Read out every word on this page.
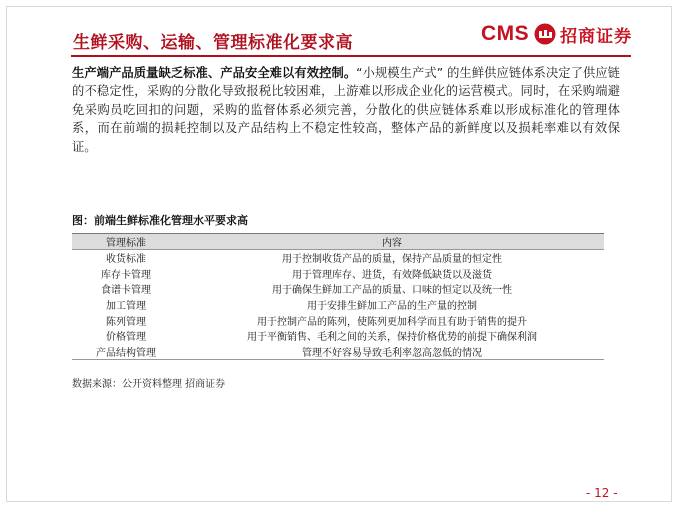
生鲜采购、运输、管理标准化要求高	CMS 招商证券
生产端产品质量缺乏标准、产品安全难以有效控制。“小规模生产式” 的生鲜供应链体系决定了供应链的不稳定性，采购的分散化导致报税比较困难，上游难以形成企业化的运营模式。同时，在采购端避免采购员吃回扣的问题，采购的监督体系必须完善，分散化的供应链体系难以形成标准化的管理体系，而在前端的损耗控制以及产品结构上不稳定性较高，整体产品的新鲜度以及损耗率难以有效保证。
图：前端生鲜标准化管理水平要求高
管理标准	内容
收货标准	用于控制收货产品的质量，保持产品质量的恒定性
库存卡管理	用于管理库存、进货，有效降低缺货以及滋货
食谱卡管理	用于确保生鲜加工产品的质量、口味的恒定以及统一性
加工管理	用于安排生鲜加工产品的生产量的控制
陈列管理	用于控制产品的陈列，使陈列更加科学而且有助于销售的提升
价格管理	用于平衡销售、毛利之间的关系，保持价格优势的前提下确保利润
产品结构管理	管理不好容易导致毛利率忽高忽低的情况
数据来源：公开资料整理 招商证券
- 12 -
